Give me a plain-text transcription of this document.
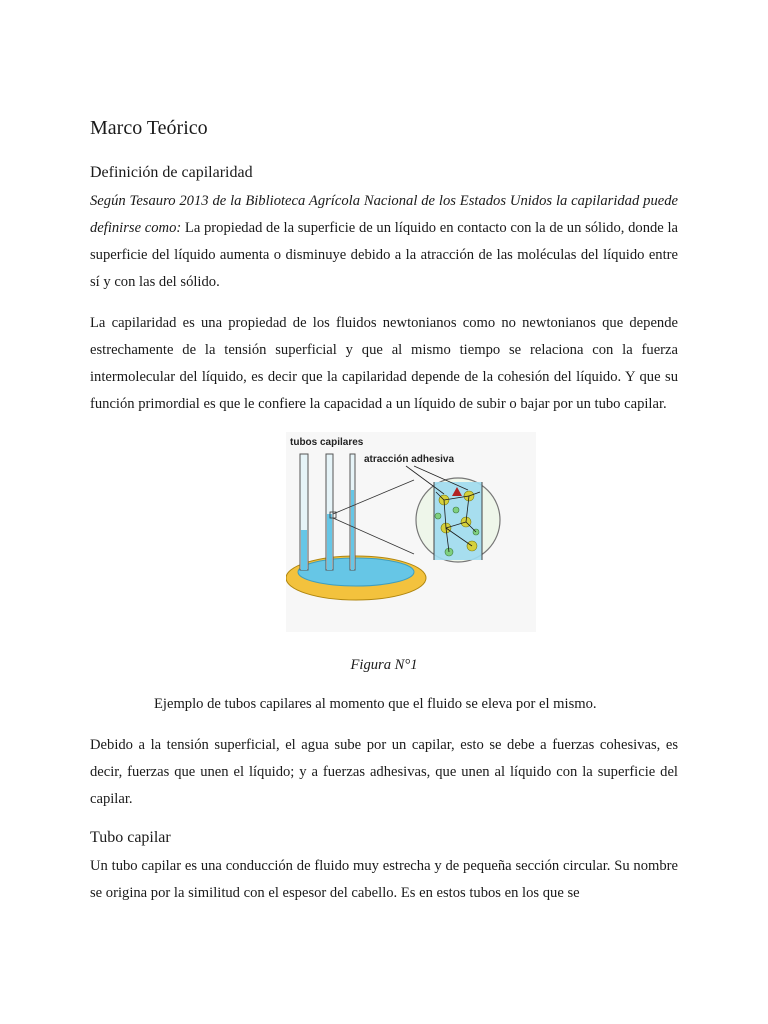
Marco Teórico
Definición de capilaridad

Según Tesauro 2013 de la Biblioteca Agrícola Nacional de los Estados Unidos la capilaridad puede definirse como: La propiedad de la superficie de un líquido en contacto con la de un sólido, donde la superficie del líquido aumenta o disminuye debido a la atracción de las moléculas del líquido entre sí y con las del sólido.

La capilaridad es una propiedad de los fluidos newtonianos como no newtonianos que depende estrechamente de la tensión superficial y que al mismo tiempo se relaciona con la fuerza intermolecular del líquido, es decir que la capilaridad depende de la cohesión del líquido. Y que su función primordial es que le confiere la capacidad a un líquido de subir o bajar por un tubo capilar.

tubos capilares
atracción adhesiva
Figura N°1
Ejemplo de tubos capilares al momento que el fluido se eleva por el mismo.

Debido a la tensión superficial, el agua sube por un capilar, esto se debe a fuerzas cohesivas, es decir, fuerzas que unen el líquido; y a fuerzas adhesivas, que unen al líquido con la superficie del capilar.

Tubo capilar

Un tubo capilar es una conducción de fluido muy estrecha y de pequeña sección circular. Su nombre se origina por la similitud con el espesor del cabello. Es en estos tubos en los que se
